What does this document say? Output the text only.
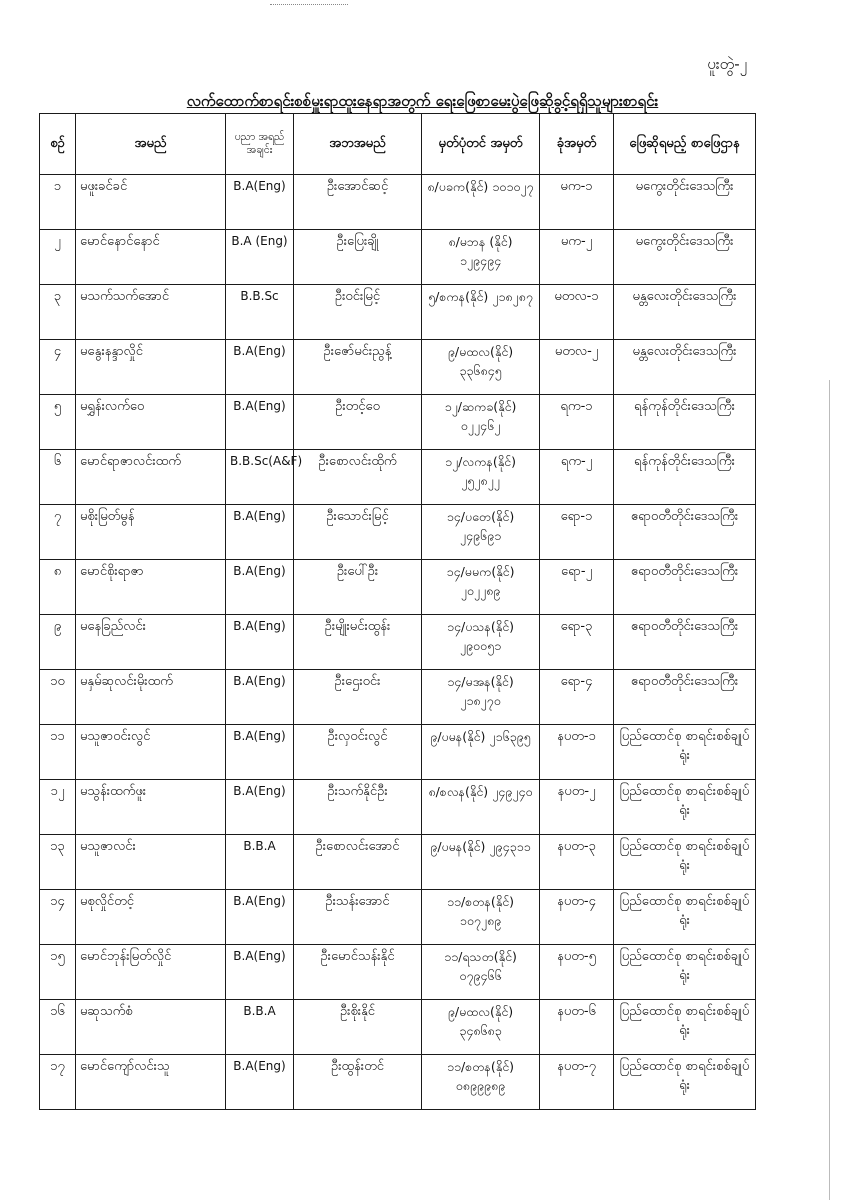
ပူးတွဲ-၂
လက်ထောက်စာရင်းစစ်မှူးရာထူးနေရာအတွက် ရေးဖြေစာမေးပွဲဖြေဆိုခွင့်ရရှိသူများစာရင်း
စဉ်	အမည်	ပညာ အရည် အချင်း	အဘအမည်	မှတ်ပုံတင် အမှတ်	ခုံအမှတ်	ဖြေဆိုရမည့် စာဖြေဌာန
၁	မဖူးခင်ခင်	B.A(Eng)	ဦးအောင်ဆင့်	၈/ပခက(နိုင်) ၁၀၁၀၂၇	မက-၁	မကွေးတိုင်းဒေသကြီး
၂	မောင်နောင်နောင်	B.A (Eng)	ဦးပြေးချို	၈/မဘန (နိုင်) ၁၂၉၄၉၄	မက-၂	မကွေးတိုင်းဒေသကြီး
၃	မသက်သက်အောင်	B.B.Sc	ဦးဝင်းမြင့်	၅/စကန(နိုင်) ၂၁၈၂၈၇	မတလ-၁	မန္တလေးတိုင်းဒေသကြီး
၄	မနွေးနန္ဒာလှိုင်	B.A(Eng)	ဦးဇော်မင်းညွန့်	၉/မထလ(နိုင်) ၃၃၆၈၄၅	မတလ-၂	မန္တလေးတိုင်းဒေသကြီး
၅	မရွှန်းလက်ဝေ	B.A(Eng)	ဦးတင့်ဝေ	၁၂/ဆကခ(နိုင်) ၀၂၂၄၆၂	ရက-၁	ရန်ကုန်တိုင်းဒေသကြီး
၆	မောင်ရာဇာလင်းထက်	B.B.Sc(A&F)	ဦးစောလင်းထိုက်	၁၂/လကန(နိုင်) ၂၅၂၈၂၂	ရက-၂	ရန်ကုန်တိုင်းဒေသကြီး
၇	မစိုးမြတ်မွန်	B.A(Eng)	ဦးသောင်းမြင့်	၁၄/ပတေ(နိုင်) ၂၄၉၆၉၁	ရော-၁	ဧရာဝတီတိုင်းဒေသကြီး
၈	မောင်စိုးရာဇာ	B.A(Eng)	ဦးပေါ်ဦး	၁၄/မမက(နိုင်) ၂၀၂၂၈၉	ရော-၂	ဧရာဝတီတိုင်းဒေသကြီး
၉	မနေခြည်လင်း	B.A(Eng)	ဦးမျိုးမင်းထွန်း	၁၄/ပသန(နိုင်) ၂၉၀၀၅၁	ရော-၃	ဧရာဝတီတိုင်းဒေသကြီး
၁၀	မနှမ်ဆုလင်းမိုးထက်	B.A(Eng)	ဦးဌေးဝင်း	၁၄/မအန(နိုင်) ၂၁၈၂၇၀	ရော-၄	ဧရာဝတီတိုင်းဒေသကြီး
၁၁	မသူဇာဝင်းလွင်	B.A(Eng)	ဦးလှဝင်းလွင်	၉/ပမန(နိုင်) ၂၁၆၃၉၅	နပတ-၁	ပြည်ထောင်စု စာရင်းစစ်ချုပ်ရုံး
၁၂	မသွန်းထက်ဖူး	B.A(Eng)	ဦးသက်နိုင်ဦး	၈/စလန(နိုင်) ၂၄၉၂၄၀	နပတ-၂	ပြည်ထောင်စု စာရင်းစစ်ချုပ်ရုံး
၁၃	မသူဇာလင်း	B.B.A	ဦးစောလင်းအောင်	၉/ပမန(နိုင်) ၂၉၄၃၁၁	နပတ-၃	ပြည်ထောင်စု စာရင်းစစ်ချုပ်ရုံး
၁၄	မစုလှိုင်တင့်	B.A(Eng)	ဦးသန်းအောင်	၁၁/စတန(နိုင်) ၁၀၇၂၈၉	နပတ-၄	ပြည်ထောင်စု စာရင်းစစ်ချုပ်ရုံး
၁၅	မောင်ဘုန်းမြတ်လှိုင်	B.A(Eng)	ဦးမောင်သန်းနိုင်	၁၁/ရသတ(နိုင်) ၀၇၉၄၆၆	နပတ-၅	ပြည်ထောင်စု စာရင်းစစ်ချုပ်ရုံး
၁၆	မဆုသက်စံ	B.B.A	ဦးစိုးနိုင်	၉/မထလ(နိုင်) ၃၄၈၆၈၃	နပတ-၆	ပြည်ထောင်စု စာရင်းစစ်ချုပ်ရုံး
၁၇	မောင်ကျော်လင်းသူ	B.A(Eng)	ဦးထွန်းတင်	၁၁/စတန(နိုင်) ၀၈၉၉၉၈၉	နပတ-၇	ပြည်ထောင်စု စာရင်းစစ်ချုပ်ရုံး
